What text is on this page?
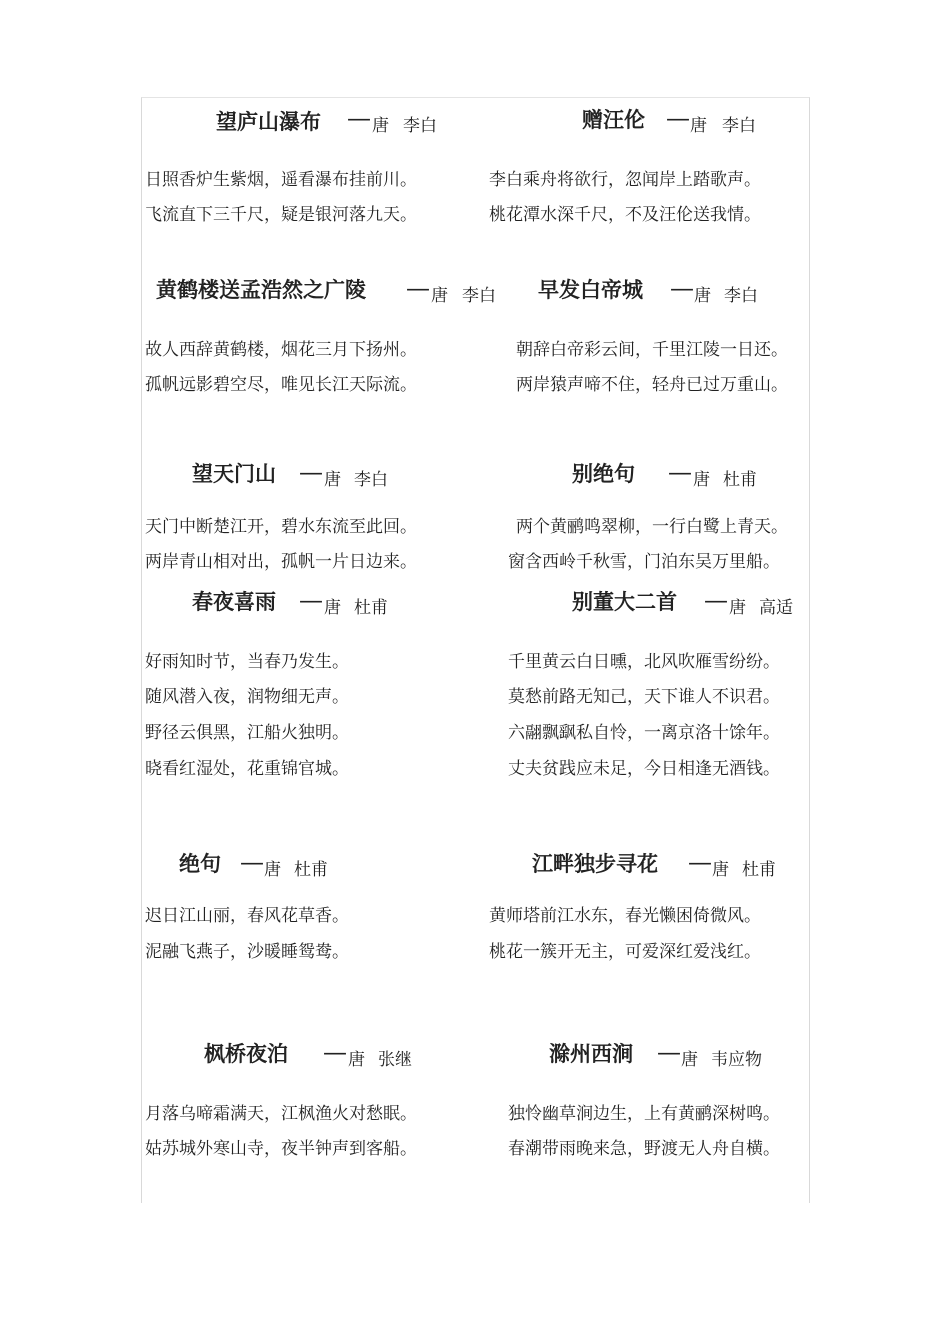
望庐山瀑布 — 唐 李白
日照香炉生紫烟，遥看瀑布挂前川。
飞流直下三千尺，疑是银河落九天。
赠汪伦 — 唐 李白
李白乘舟将欲行，忽闻岸上踏歌声。
桃花潭水深千尺，不及汪伦送我情。
黄鹤楼送孟浩然之广陵 — 唐 李白
故人西辞黄鹤楼，烟花三月下扬州。
孤帆远影碧空尽，唯见长江天际流。
早发白帝城 — 唐 李白
朝辞白帝彩云间，千里江陵一日还。
两岸猿声啼不住，轻舟已过万重山。
望天门山 — 唐 李白
天门中断楚江开，碧水东流至此回。
两岸青山相对出，孤帆一片日边来。
别绝句 — 唐 杜甫
两个黄鹂鸣翠柳，一行白鹭上青天。
窗含西岭千秋雪，门泊东吴万里船。
春夜喜雨 — 唐 杜甫
好雨知时节，当春乃发生。
随风潜入夜，润物细无声。
野径云俱黑，江船火独明。
晓看红湿处，花重锦官城。
别董大二首 — 唐 高适
千里黄云白日曛，北风吹雁雪纷纷。
莫愁前路无知己，天下谁人不识君。
六翮飘飖私自怜，一离京洛十馀年。
丈夫贫践应未足，今日相逢无酒钱。
绝句 — 唐 杜甫
迟日江山丽，春风花草香。
泥融飞燕子，沙暖睡鸳鸯。
江畔独步寻花 — 唐 杜甫
黄师塔前江水东，春光懒困倚微风。
桃花一簇开无主，可爱深红爱浅红。
枫桥夜泊 — 唐 张继
月落乌啼霜满天，江枫渔火对愁眠。
姑苏城外寒山寺，夜半钟声到客船。
滁州西涧 — 唐 韦应物
独怜幽草涧边生，上有黄鹂深树鸣。
春潮带雨晚来急，野渡无人舟自横。
